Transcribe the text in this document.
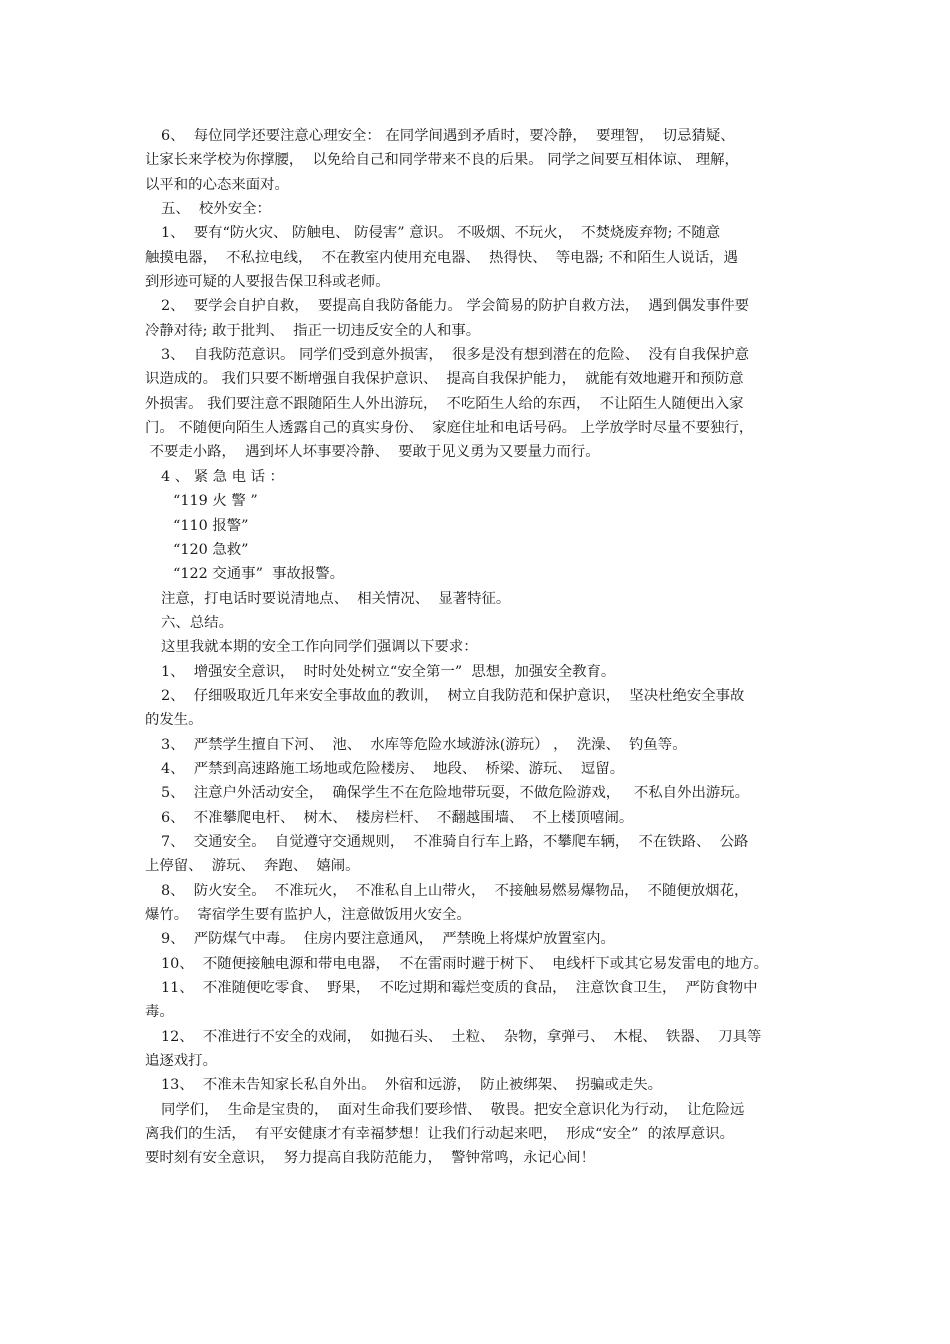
6、  每位同学还要注意心理安全： 在同学间遇到矛盾时，要冷静，  要理智，  切忌猜疑、
让家长来学校为你撑腰，  以免给自己和同学带来不良的后果。 同学之间要互相体谅、 理解，
以平和的心态来面对。
五、  校外安全：
1、  要有“防火灾、 防触电、 防侵害” 意识。 不吸烟、不玩火，  不焚烧废弃物; 不随意
触摸电器，  不私拉电线，  不在教室内使用充电器、  热得快、  等电器; 不和陌生人说话，遇
到形迹可疑的人要报告保卫科或老师。
2、  要学会自护自救，  要提高自我防备能力。 学会简易的防护自救方法，  遇到偶发事件要
冷静对待; 敢于批判、  指正一切违反安全的人和事。
3、  自我防范意识。 同学们受到意外损害，  很多是没有想到潜在的危险、  没有自我保护意
识造成的。 我们只要不断增强自我保护意识、  提高自我保护能力，  就能有效地避开和预防意
外损害。 我们要注意不跟随陌生人外出游玩，  不吃陌生人给的东西，  不让陌生人随便出入家
门。 不随便向陌生人透露自己的真实身份、  家庭住址和电话号码。 上学放学时尽量不要独行，
不要走小路，  遇到坏人坏事要冷静、  要敢于见义勇为又要量力而行。
4 、 紧 急 电 话 ：
“119 火 警 ”
“110 报警”
“120 急救”
“122 交通事”  事故报警。
注意，打电话时要说清地点、  相关情况、  显著特征。
六、总结。
这里我就本期的安全工作向同学们强调以下要求：
1、  增强安全意识，  时时处处树立“安全第一”  思想，加强安全教育。
2、  仔细吸取近几年来安全事故血的教训，  树立自我防范和保护意识，  坚决杜绝安全事故
的发生。
3、  严禁学生擅自下河、  池、  水库等危险水域游泳(游玩） ，  洗澡、  钓鱼等。
4、  严禁到高速路施工场地或危险楼房、  地段、  桥梁、游玩、  逗留。
5、  注意户外活动安全，  确保学生不在危险地带玩耍，不做危险游戏，   不私自外出游玩。
6、  不准攀爬电杆、  树木、  楼房栏杆、  不翻越围墙、  不上楼顶嘻闹。
7、  交通安全。  自觉遵守交通规则，  不准骑自行车上路，不攀爬车辆，  不在铁路、  公路
上停留、  游玩、  奔跑、  嬉闹。
8、  防火安全。  不准玩火，  不准私自上山带火，  不接触易燃易爆物品，  不随便放烟花，
爆竹。  寄宿学生要有监护人，注意做饭用火安全。
9、  严防煤气中毒。  住房内要注意通风，  严禁晚上将煤炉放置室内。
10、  不随便接触电源和带电电器，  不在雷雨时避于树下、  电线杆下或其它易发雷电的地方。
11、  不准随便吃零食、  野果，  不吃过期和霉烂变质的食品，  注意饮食卫生，  严防食物中
毒。
12、  不准进行不安全的戏闹，  如抛石头、  土粒、  杂物，拿弹弓、  木棍、  铁器、  刀具等
追逐戏打。
13、  不准未告知家长私自外出。  外宿和远游，  防止被绑架、  拐骗或走失。
同学们，  生命是宝贵的，  面对生命我们要珍惜、  敬畏。把安全意识化为行动，  让危险远
离我们的生活，  有平安健康才有幸福梦想！让我们行动起来吧，  形成“安全”  的浓厚意识。
要时刻有安全意识，  努力提高自我防范能力，  警钟常鸣，永记心间！
